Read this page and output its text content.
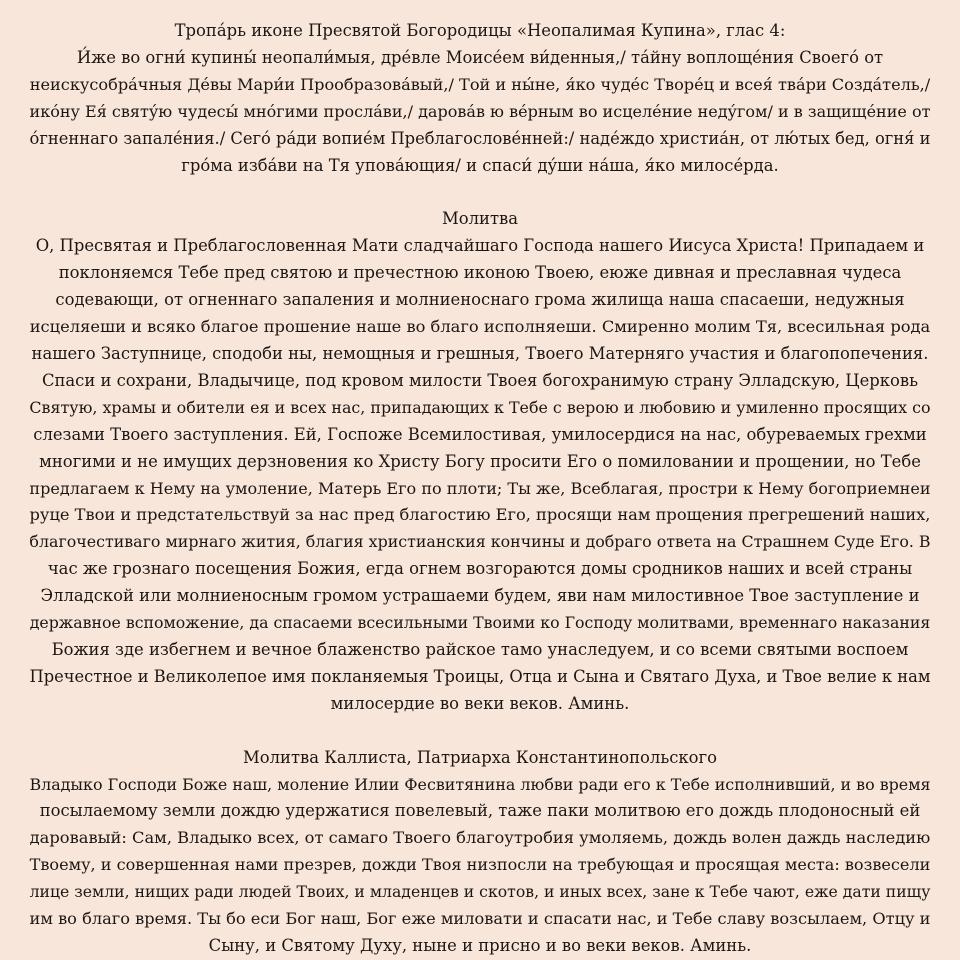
Тропа́рь иконе Пресвятой Богородицы «Неопалимая Купина», глас 4:
И́же во огни́ купины́ неопали́мыя, дре́вле Моисе́ем ви́денныя,/ та́йну воплоще́ния Своего́ от
неискусобра́чныя Де́вы Мари́и Прообразова́вый,/ Той и ны́не, я́ко чуде́с Творе́ц и всея́ тва́ри Созда́тель,/
ико́ну Ея́ святу́ю чудесы́ мно́гими просла́ви,/ дарова́в ю ве́рным во исцеле́ние неду́гом/ и в защище́ние от
о́гненнаго запале́ния./ Сего́ ра́ди вопие́м Преблагослове́нней:/ наде́ждо христиа́н, от лю́тых бед, огня́ и
гро́ма изба́ви на Тя упова́ющия/ и спаси́ ду́ши на́ша, я́ко милосе́рда.
Молитва
О, Пресвятая и Преблагословенная Мати сладчайшаго Господа нашего Иисуса Христа! Припадаем и
поклоняемся Тебе пред святою и пречестною иконою Твоею, еюже дивная и преславная чудеса
содевающи, от огненнаго запаления и молниеноснаго грома жилища наша спасаеши, недужныя
исцеляеши и всяко благое прошение наше во благо исполняеши. Смиренно молим Тя, всесильная рода
нашего Заступнице, сподоби ны, немощныя и грешныя, Твоего Матерняго участия и благопопечения.
Спаси и сохрани, Владычице, под кровом милости Твоея богохранимую страну Элладскую, Церковь
Святую, храмы и обители ея и всех нас, припадающих к Тебе с верою и любовию и умиленно просящих со
слезами Твоего заступления. Ей, Госпоже Всемилостивая, умилосердися на нас, обуреваемых грехми
многими и не имущих дерзновения ко Христу Богу просити Его о помиловании и прощении, но Тебе
предлагаем к Нему на умоление, Матерь Его по плоти; Ты же, Всеблагая, простри к Нему богоприемнеи
руце Твои и предстательствуй за нас пред благостию Его, просящи нам прощения прегрешений наших,
благочестиваго мирнаго жития, благия христианския кончины и добраго ответа на Страшнем Суде Его. В
час же грознаго посещения Божия, егда огнем возгораются домы сродников наших и всей страны
Элладской или молниеносным громом устрашаеми будем, яви нам милостивное Твое заступление и
державное вспоможение, да спасаеми всесильными Твоими ко Господу молитвами, временнаго наказания
Божия зде избегнем и вечное блаженство райское тамо унаследуем, и со всеми святыми воспоем
Пречестное и Великолепое имя покланяемыя Троицы, Отца и Сына и Святаго Духа, и Твое велие к нам
милосердие во веки веков. Аминь.
Молитва Каллиста, Патриарха Константинопольского
Владыко Господи Боже наш, моление Илии Фесвитянина любви ради его к Тебе исполнивший, и во время
посылаемому земли дождю удержатися повелевый, таже паки молитвою его дождь плодоносный ей
даровавый: Сам, Владыко всех, от самаго Твоего благоутробия умоляемь, дождь волен даждь наследию
Твоему, и совершенная нами презрев, дожди Твоя низпосли на требующая и просящая места: возвесели
лице земли, нищих ради людей Твоих, и младенцев и скотов, и иных всех, зане к Тебе чают, еже дати пищу
им во благо время. Ты бо еси Бог наш, Бог еже миловати и спасати нас, и Тебе славу возсылаем, Отцу и
Сыну, и Святому Духу, ныне и присно и во веки веков. Аминь.
